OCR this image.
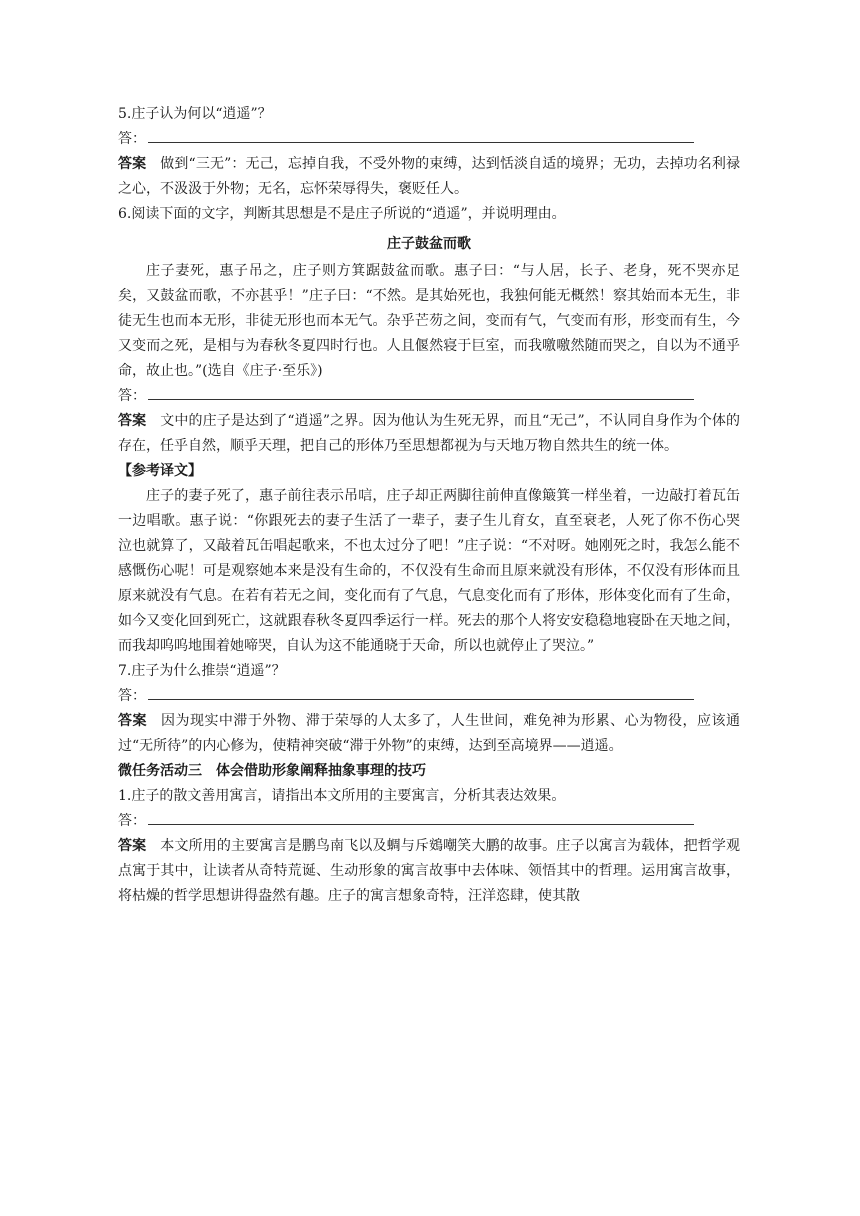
5.庄子认为何以“逍遥”？
答：
答案 做到“三无”：无己，忘掉自我，不受外物的束缚，达到恬淡自适的境界；无功，去掉功名利禄之心，不汲汲于外物；无名，忘怀荣辱得失，褒贬任人。
6.阅读下面的文字，判断其思想是不是庄子所说的“逍遥”，并说明理由。
庄子鼓盆而歌
庄子妻死，惠子吊之，庄子则方箕踞鼓盆而歌。惠子曰：“与人居，长子、老身，死不哭亦足矣，又鼓盆而歌，不亦甚乎！”庄子曰：“不然。是其始死也，我独何能无概然！察其始而本无生，非徒无生也而本无形，非徒无形也而本无气。杂乎芒芴之间，变而有气，气变而有形，形变而有生，今又变而之死，是相与为春秋冬夏四时行也。人且偃然寝于巨室，而我噭噭然随而哭之，自以为不通乎命，故止也。”(选自《庄子·至乐》)
答：
答案 文中的庄子是达到了“逍遥”之界。因为他认为生死无界，而且“无己”，不认同自身作为个体的存在，任乎自然，顺乎天理，把自己的形体乃至思想都视为与天地万物自然共生的统一体。
【参考译文】
庄子的妻子死了，惠子前往表示吊唁，庄子却正两脚往前伸直像簸箕一样坐着，一边敲打着瓦缶一边唱歌。惠子说：“你跟死去的妻子生活了一辈子，妻子生儿育女，直至衰老，人死了你不伤心哭泣也就算了，又敲着瓦缶唱起歌来，不也太过分了吧！”庄子说：“不对呀。她刚死之时，我怎么能不感慨伤心呢！可是观察她本来是没有生命的，不仅没有生命而且原来就没有形体，不仅没有形体而且原来就没有气息。在若有若无之间，变化而有了气息，气息变化而有了形体，形体变化而有了生命，如今又变化回到死亡，这就跟春秋冬夏四季运行一样。死去的那个人将安安稳稳地寝卧在天地之间，而我却呜呜地围着她啼哭，自认为这不能通晓于天命，所以也就停止了哭泣。”
7.庄子为什么推崇“逍遥”？
答：
答案 因为现实中滞于外物、滞于荣辱的人太多了，人生世间，难免神为形累、心为物役，应该通过“无所待”的内心修为，使精神突破“滞于外物”的束缚，达到至高境界——逍遥。
微任务活动三　体会借助形象阐释抽象事理的技巧
1.庄子的散文善用寓言，请指出本文所用的主要寓言，分析其表达效果。
答：
答案 本文所用的主要寓言是鹏鸟南飞以及蜩与斥鴳嘲笑大鹏的故事。庄子以寓言为载体，把哲学观点寓于其中，让读者从奇特荒诞、生动形象的寓言故事中去体味、领悟其中的哲理。运用寓言故事，将枯燥的哲学思想讲得盎然有趣。庄子的寓言想象奇特，汪洋恣肆，使其散
